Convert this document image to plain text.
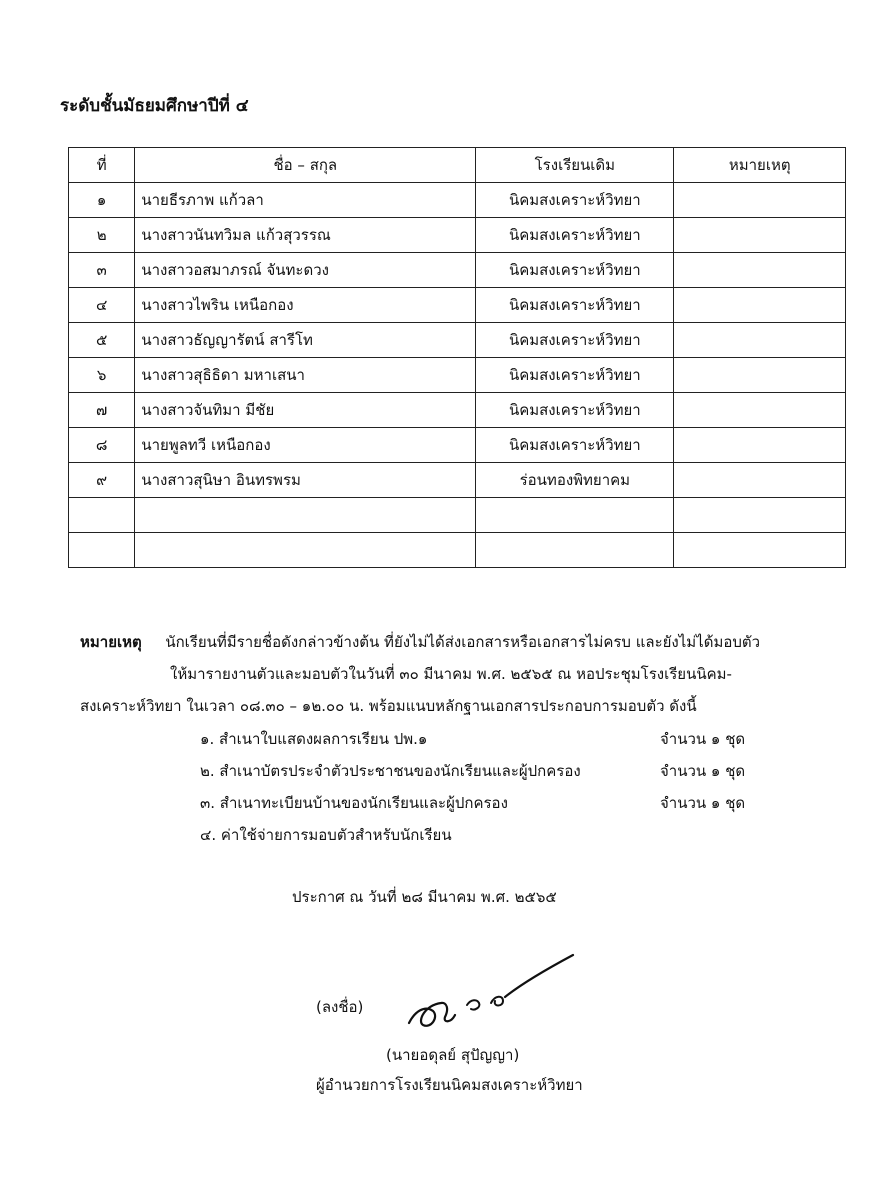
ระดับชั้นมัธยมศึกษาปีที่ ๔
ที่	ชื่อ – สกุล	โรงเรียนเดิม	หมายเหตุ
๑	นายธีรภาพ แก้วลา	นิคมสงเคราะห์วิทยา	
๒	นางสาวนันทวิมล แก้วสุวรรณ	นิคมสงเคราะห์วิทยา	
๓	นางสาวอสมาภรณ์ จันทะดวง	นิคมสงเคราะห์วิทยา	
๔	นางสาวไพริน เหนือกอง	นิคมสงเคราะห์วิทยา	
๕	นางสาวธัญญารัตน์ สารีโท	นิคมสงเคราะห์วิทยา	
๖	นางสาวสุธิธิดา มหาเสนา	นิคมสงเคราะห์วิทยา	
๗	นางสาวจันทิมา มีชัย	นิคมสงเคราะห์วิทยา	
๘	นายพูลทวี เหนือกอง	นิคมสงเคราะห์วิทยา	
๙	นางสาวสุนิษา อินทรพรม	ร่อนทองพิทยาคม	

หมายเหตุ นักเรียนที่มีรายชื่อดังกล่าวข้างต้น ที่ยังไม่ได้ส่งเอกสารหรือเอกสารไม่ครบ และยังไม่ได้มอบตัว
ให้มารายงานตัวและมอบตัวในวันที่ ๓๐ มีนาคม พ.ศ. ๒๕๖๕ ณ หอประชุมโรงเรียนนิคม-
สงเคราะห์วิทยา ในเวลา ๐๘.๓๐ – ๑๒.๐๐ น. พร้อมแนบหลักฐานเอกสารประกอบการมอบตัว ดังนี้
๑. สำเนาใบแสดงผลการเรียน ปพ.๑	จำนวน ๑ ชุด
๒. สำเนาบัตรประจำตัวประชาชนของนักเรียนและผู้ปกครอง	จำนวน ๑ ชุด
๓. สำเนาทะเบียนบ้านของนักเรียนและผู้ปกครอง	จำนวน ๑ ชุด
๔. ค่าใช้จ่ายการมอบตัวสำหรับนักเรียน
ประกาศ ณ วันที่ ๒๘ มีนาคม พ.ศ. ๒๕๖๕
(ลงชื่อ)
(นายอดุลย์ สุปัญญา)
ผู้อำนวยการโรงเรียนนิคมสงเคราะห์วิทยา
